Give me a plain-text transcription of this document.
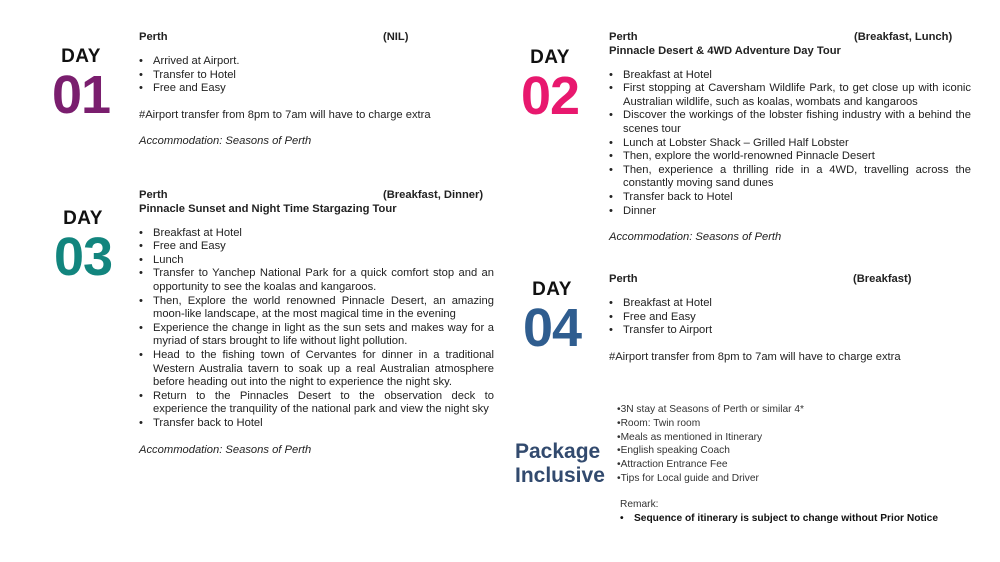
DAY
01
Perth	(NIL)
• Arrived at Airport.
• Transfer to Hotel
• Free and Easy
#Airport transfer from 8pm to 7am will have to charge extra
Accommodation: Seasons of Perth
DAY
03
Perth	(Breakfast, Dinner)
Pinnacle Sunset and Night Time Stargazing Tour
• Breakfast at Hotel
• Free and Easy
• Lunch
• Transfer to Yanchep National Park for a quick comfort stop and an opportunity to see the koalas and kangaroos.
• Then, Explore the world renowned Pinnacle Desert, an amazing moon-like landscape, at the most magical time in the evening
• Experience the change in light as the sun sets and makes way for a myriad of stars brought to life without light pollution.
• Head to the fishing town of Cervantes for dinner in a traditional Western Australia tavern to soak up a real Australian atmosphere before heading out into the night to experience the night sky.
• Return to the Pinnacles Desert to the observation deck to experience the tranquility of the national park and view the night sky
• Transfer back to Hotel
Accommodation: Seasons of Perth
DAY
02
Perth	(Breakfast, Lunch)
Pinnacle Desert & 4WD Adventure Day Tour
• Breakfast at Hotel
• First stopping at Caversham Wildlife Park, to get close up with iconic Australian wildlife, such as koalas, wombats and kangaroos
• Discover the workings of the lobster fishing industry with a behind the scenes tour
• Lunch at Lobster Shack – Grilled Half Lobster
• Then, explore the world-renowned Pinnacle Desert
• Then, experience a thrilling ride in a 4WD, travelling across the constantly moving sand dunes
• Transfer back to Hotel
• Dinner
Accommodation: Seasons of Perth
DAY
04
Perth	(Breakfast)
• Breakfast at Hotel
• Free and Easy
• Transfer to Airport
#Airport transfer from 8pm to 7am will have to charge extra
Package
Inclusive
•3N stay at Seasons of Perth or similar 4*
•Room: Twin room
•Meals as mentioned in Itinerary
•English speaking Coach
•Attraction Entrance Fee
•Tips for Local guide and Driver
Remark:
• Sequence of itinerary is subject to change without Prior Notice
